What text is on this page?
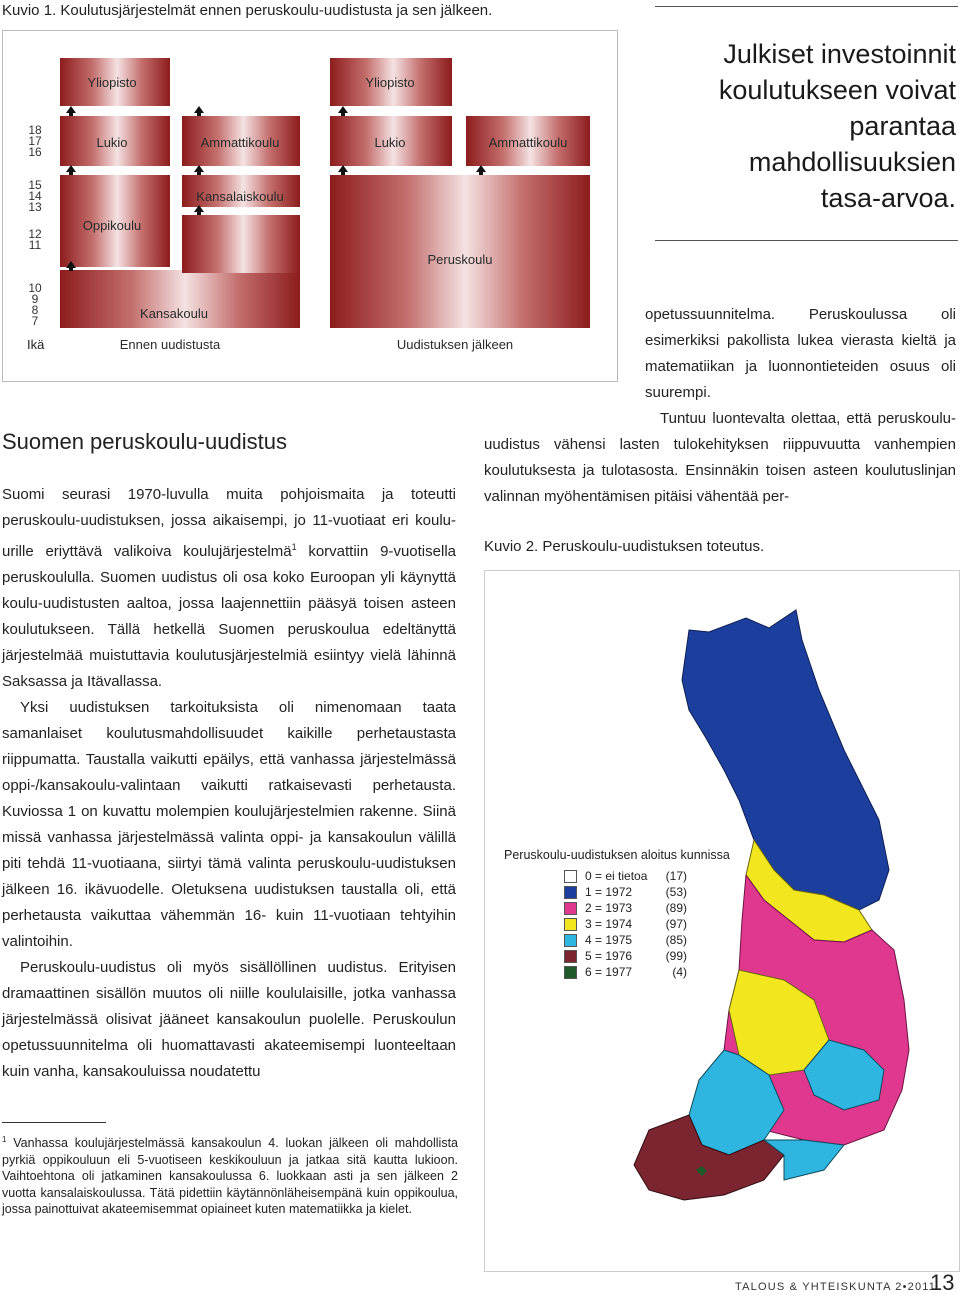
Kuvio 1. Koulutusjärjestelmät ennen peruskoulu-uudistusta ja sen jälkeen.
18
17
16
15
14
13
12
11
10
9
8
7
Ikä
Yliopisto
Lukio	Ammattikoulu
Kansalaiskoulu
Oppikoulu
Kansakoulu
Ennen uudistusta
Yliopisto
Lukio	Ammattikoulu
Peruskoulu
Uudistuksen jälkeen
Julkiset investoinnit
koulutukseen voivat
parantaa
mahdollisuuksien
tasa-arvoa.
Suomen peruskoulu-uudistus

Suomi seurasi 1970-luvulla muita pohjoismaita ja toteutti peruskoulu-uudistuksen, jossa aikaisempi, jo 11-vuotiaat eri koulu-urille eriyttävä valikoiva koulujärjestelmä$^1$ korvattiin 9-vuotisella peruskoululla. Suomen uudistus oli osa koko Euroopan yli käynyttä koulu-uudistusten aaltoa, jossa laajennettiin pääsyä toisen asteen koulutukseen. Tällä hetkellä Suomen peruskoulua edeltänyttä järjestelmää muistuttavia koulutusjärjestelmiä esiintyy vielä lähinnä Saksassa ja Itävallassa.

Yksi uudistuksen tarkoituksista oli nimenomaan taata samanlaiset koulutusmahdollisuudet kaikille perhetaustasta riippumatta. Taustalla vaikutti epäilys, että vanhassa järjestelmässä oppi-/kansakoulu-valintaan vaikutti ratkaisevasti perhetausta. Kuviossa 1 on kuvattu molempien koulujärjestelmien rakenne. Siinä missä vanhassa järjestelmässä valinta oppi- ja kansakoulun välillä piti tehdä 11-vuotiaana, siirtyi tämä valinta peruskoulu-uudistuksen jälkeen 16. ikävuodelle. Oletuksena uudistuksen taustalla oli, että perhetausta vaikuttaa vähemmän 16- kuin 11-vuotiaan tehtyihin valintoihin.

Peruskoulu-uudistus oli myös sisällöllinen uudistus. Erityisen dramaattinen sisällön muutos oli niille koululaisille, jotka vanhassa järjestelmässä olisivat jääneet kansakoulun puolelle. Peruskoulun opetussuunnitelma oli huomattavasti akateemisempi luonteeltaan kuin vanha, kansakouluissa noudatettu

opetussuunnitelma. Peruskoulussa oli esimerkiksi pakollista lukea vierasta kieltä ja matematiikan ja luonnontieteiden osuus oli suurempi.

Tuntuu luontevalta olettaa, että peruskoulu-uudistus vähensi lasten tulokehityksen riippuvuutta vanhempien koulutuksesta ja tulotasosta. Ensinnäkin toisen asteen koulutuslinjan valinnan myöhentämisen pitäisi vähentää per-

Kuvio 2. Peruskoulu-uudistuksen toteutus.
Peruskoulu-uudistuksen aloitus kunnissa
0 = ei tietoa	(17)
1 = 1972	(53)
2 = 1973	(89)
3 = 1974	(97)
4 = 1975	(85)
5 = 1976	(99)
6 = 1977	(4)
$^1$ Vanhassa koulujärjestelmässä kansakoulun 4. luokan jälkeen oli mahdollista pyrkiä oppikouluun eli 5-vuotiseen keskikouluun ja jatkaa sitä kautta lukioon. Vaihtoehtona oli jatkaminen kansakoulussa 6. luokkaan asti ja sen jälkeen 2 vuotta kansalaiskoulussa. Tätä pidettiin käytännönläheisempänä kuin oppikoulua, jossa painottuivat akateemisemmat opiaineet kuten matematiikka ja kielet.
TALOUS & YHTEISKUNTA 2•2011
13
